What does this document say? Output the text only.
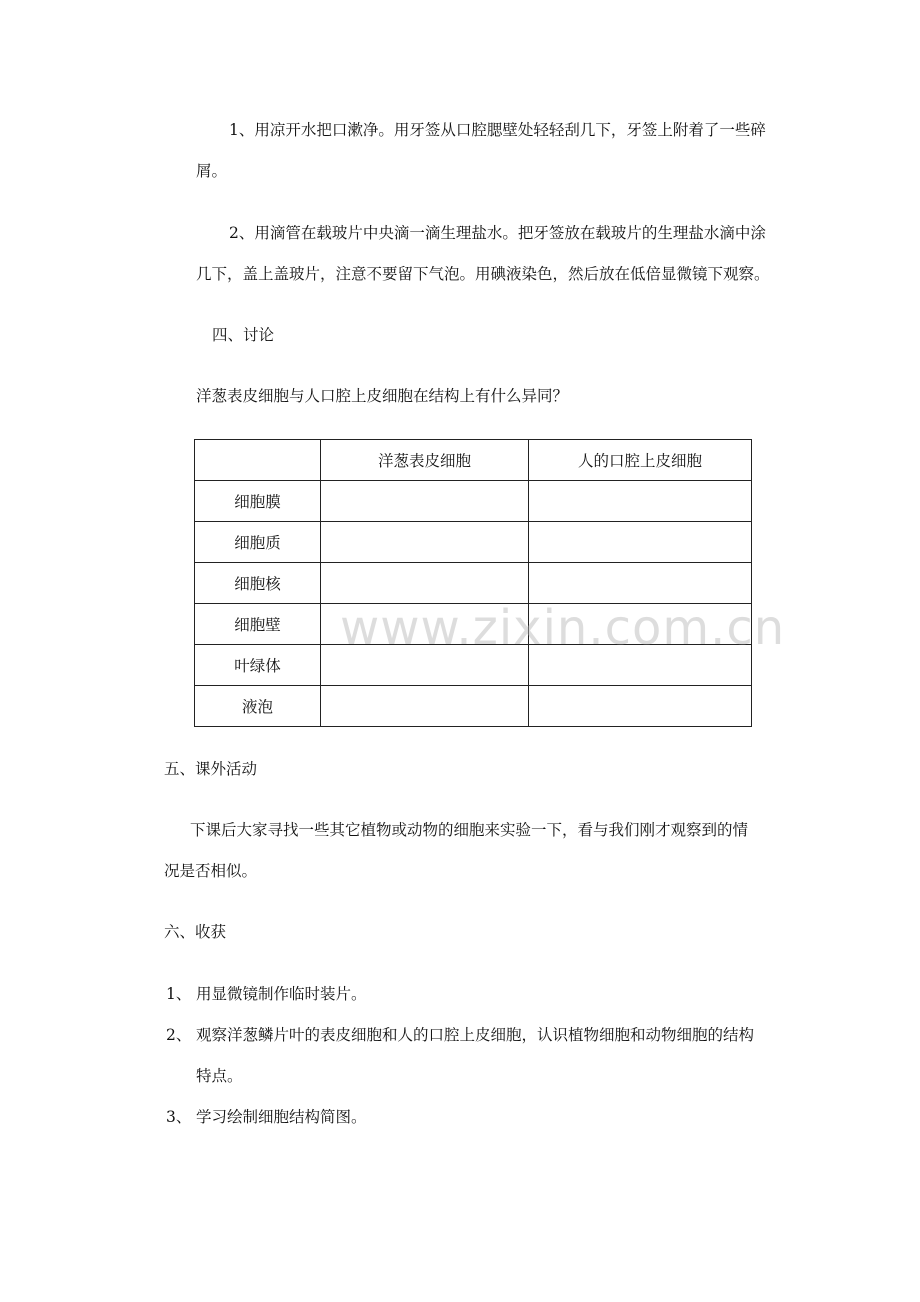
1、用凉开水把口漱净。用牙签从口腔腮壁处轻轻刮几下，牙签上附着了一些碎
屑。
2、用滴管在载玻片中央滴一滴生理盐水。把牙签放在载玻片的生理盐水滴中涂
几下，盖上盖玻片，注意不要留下气泡。用碘液染色，然后放在低倍显微镜下观察。
四、讨论
洋葱表皮细胞与人口腔上皮细胞在结构上有什么异同？
	洋葱表皮细胞	人的口腔上皮细胞
细胞膜		
细胞质		
细胞核		
细胞壁		
叶绿体		
液泡		
www.zixin.com.cn
五、课外活动
下课后大家寻找一些其它植物或动物的细胞来实验一下，看与我们刚才观察到的情
况是否相似。
六、收获
1、 用显微镜制作临时装片。
2、 观察洋葱鳞片叶的表皮细胞和人的口腔上皮细胞，认识植物细胞和动物细胞的结构
特点。
3、 学习绘制细胞结构简图。
